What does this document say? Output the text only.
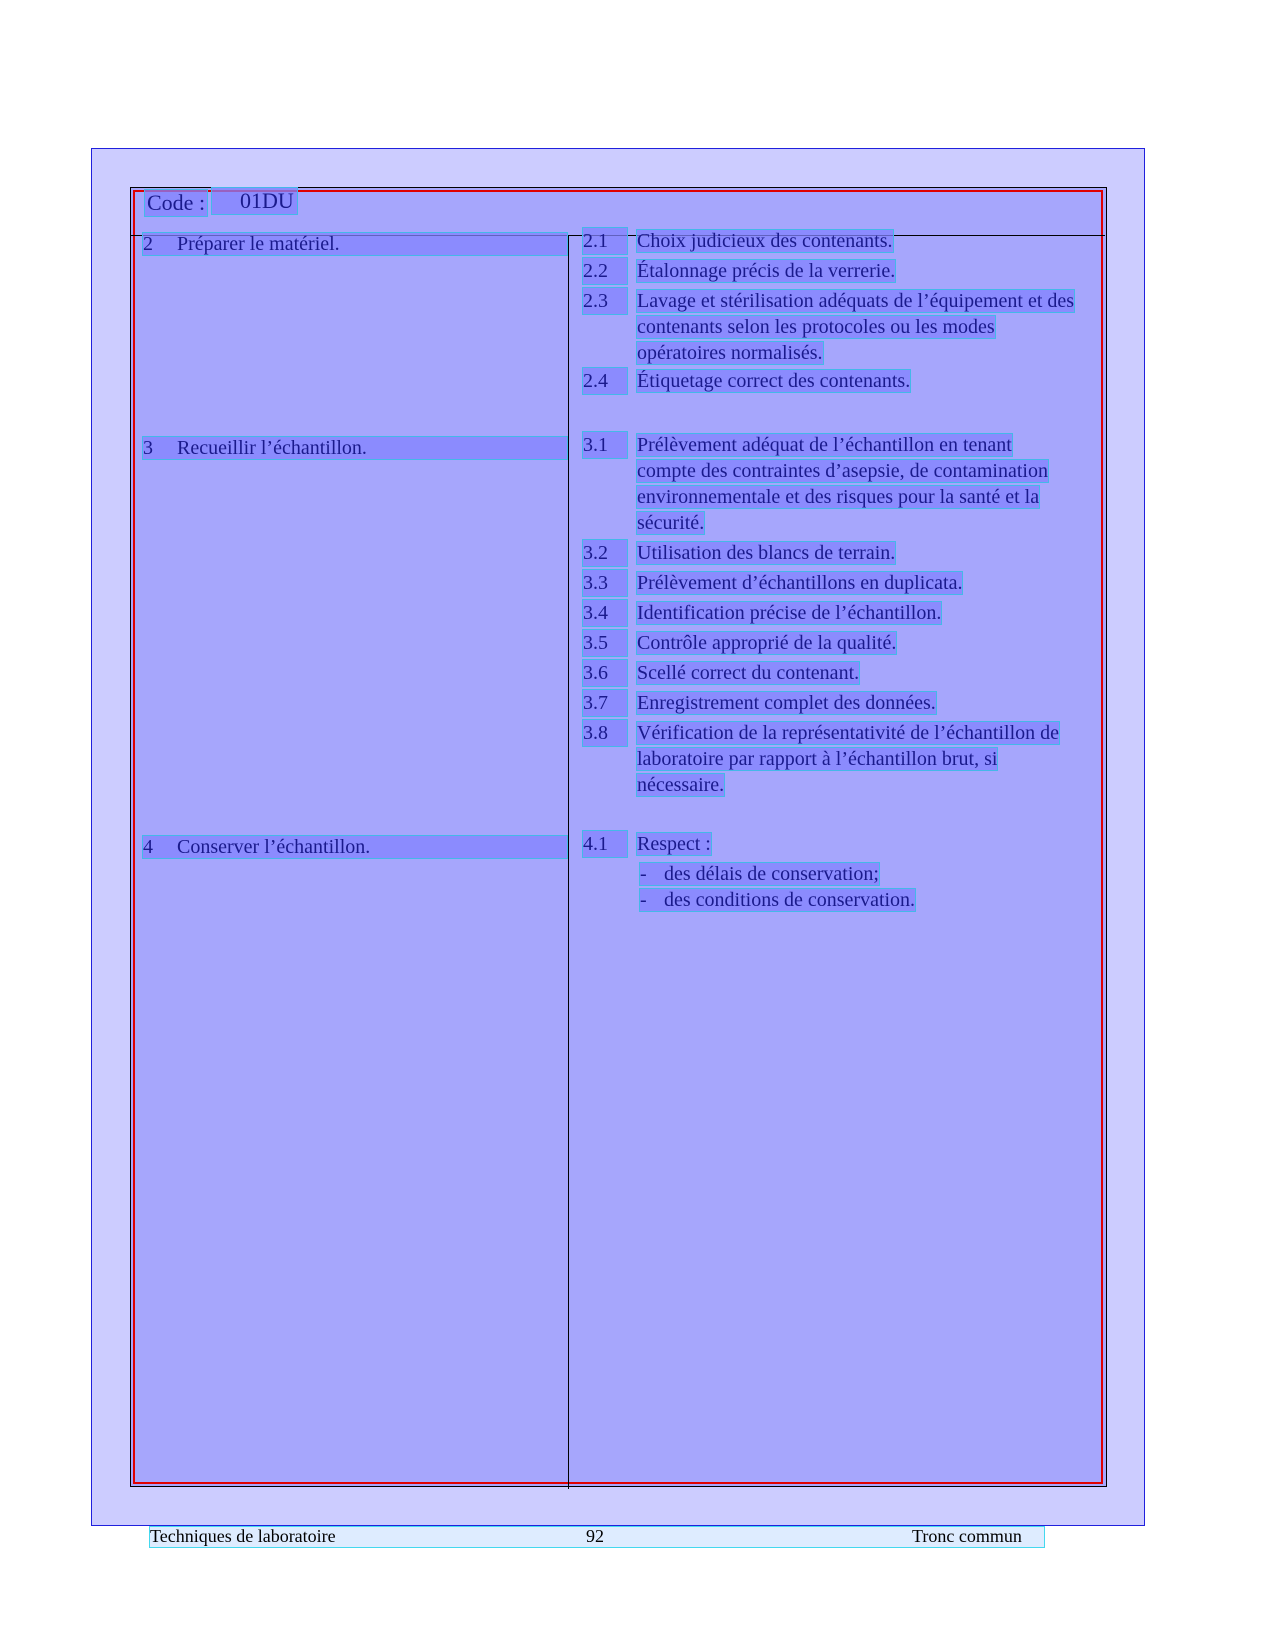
Code :	01DU
2 Préparer le matériel.	2.1	Choix judicieux des contenants.
2.2	Étalonnage précis de la verrerie.
2.3	Lavage et stérilisation adéquats de l’équipement et des contenants selon les protocoles ou les modes opératoires normalisés.
2.4	Étiquetage correct des contenants.
3 Recueillir l’échantillon.	3.1	Prélèvement adéquat de l’échantillon en tenant compte des contraintes d’asepsie, de contamination environnementale et des risques pour la santé et la sécurité.
3.2	Utilisation des blancs de terrain.
3.3	Prélèvement d’échantillons en duplicata.
3.4	Identification précise de l’échantillon.
3.5	Contrôle approprié de la qualité.
3.6	Scellé correct du contenant.
3.7	Enregistrement complet des données.
3.8	Vérification de la représentativité de l’échantillon de laboratoire par rapport à l’échantillon brut, si nécessaire.
4 Conserver l’échantillon.	4.1	Respect :
- des délais de conservation;
- des conditions de conservation.
Techniques de laboratoire	92	Tronc commun
